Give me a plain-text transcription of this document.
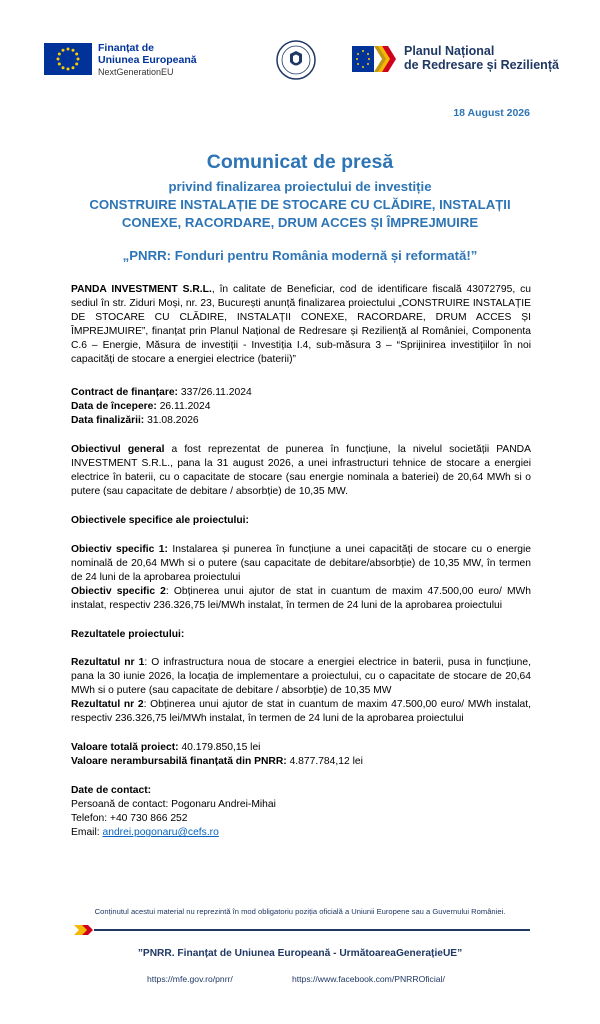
Finanțat de
Uniunea Europeană
NextGenerationEU
Planul Național
de Redresare și Reziliență
18 August 2026
Comunicat de presă
privind finalizarea proiectului de investiție
CONSTRUIRE INSTALAȚIE DE STOCARE CU CLĂDIRE, INSTALAȚII
CONEXE, RACORDARE, DRUM ACCES ȘI ÎMPREJMUIRE
„PNRR: Fonduri pentru România modernă și reformată!”

PANDA INVESTMENT S.R.L., în calitate de Beneficiar, cod de identificare fiscală 43072795, cu sediul în str. Ziduri Moși, nr. 23, București anunță finalizarea proiectului „CONSTRUIRE INSTALAȚIE DE STOCARE CU CLĂDIRE, INSTALAȚII CONEXE, RACORDARE, DRUM ACCES ȘI ÎMPREJMUIRE”, finanțat prin Planul Național de Redresare și Reziliență al României, Componenta C.6 – Energie, Măsura de investiții - Investiția I.4, sub-măsura 3 – “Sprijinirea investițiilor în noi capacități de stocare a energiei electrice (baterii)”

Contract de finanțare: 337/26.11.2024

Data de începere: 26.11.2024

Data finalizării: 31.08.2026

Obiectivul general a fost reprezentat de punerea în funcțiune, la nivelul societății PANDA INVESTMENT S.R.L., pana la 31 august 2026, a unei infrastructuri tehnice de stocare a energiei electrice în baterii, cu o capacitate de stocare (sau energie nominala a bateriei) de 20,64 MWh si o putere (sau capacitate de debitare / absorbție) de 10,35 MW.

Obiectivele specifice ale proiectului:

Obiectiv specific 1: Instalarea și punerea în funcțiune a unei capacități de stocare cu o energie nominală de 20,64 MWh si o putere (sau capacitate de debitare/absorbție) de 10,35 MW, în termen de 24 luni de la aprobarea proiectului

Obiectiv specific 2: Obținerea unui ajutor de stat in cuantum de maxim 47.500,00 euro/ MWh instalat, respectiv 236.326,75 lei/MWh instalat, în termen de 24 luni de la aprobarea proiectului

Rezultatele proiectului:

Rezultatul nr 1: O infrastructura noua de stocare a energiei electrice in baterii, pusa in funcțiune, pana la 30 iunie 2026, la locația de implementare a proiectului, cu o capacitate de stocare de 20,64 MWh si o putere (sau capacitate de debitare / absorbție) de 10,35 MW

Rezultatul nr 2: Obținerea unui ajutor de stat in cuantum de maxim 47.500,00 euro/ MWh instalat, respectiv 236.326,75 lei/MWh instalat, în termen de 24 luni de la aprobarea proiectului

Valoare totală proiect: 40.179.850,15 lei

Valoare nerambursabilă finanțată din PNRR: 4.877.784,12 lei

Date de contact:

Persoană de contact: Pogonaru Andrei-Mihai

Telefon: +40 730 866 252

Email: andrei.pogonaru@cefs.ro

Conținutul acestui material nu reprezintă în mod obligatoriu poziția oficială a Uniunii Europene sau a Guvernului României.
”PNRR. Finanțat de Uniunea Europeană - UrmătoareaGenerațieUE”
https://mfe.gov.ro/pnrr/	https://www.facebook.com/PNRROficial/
